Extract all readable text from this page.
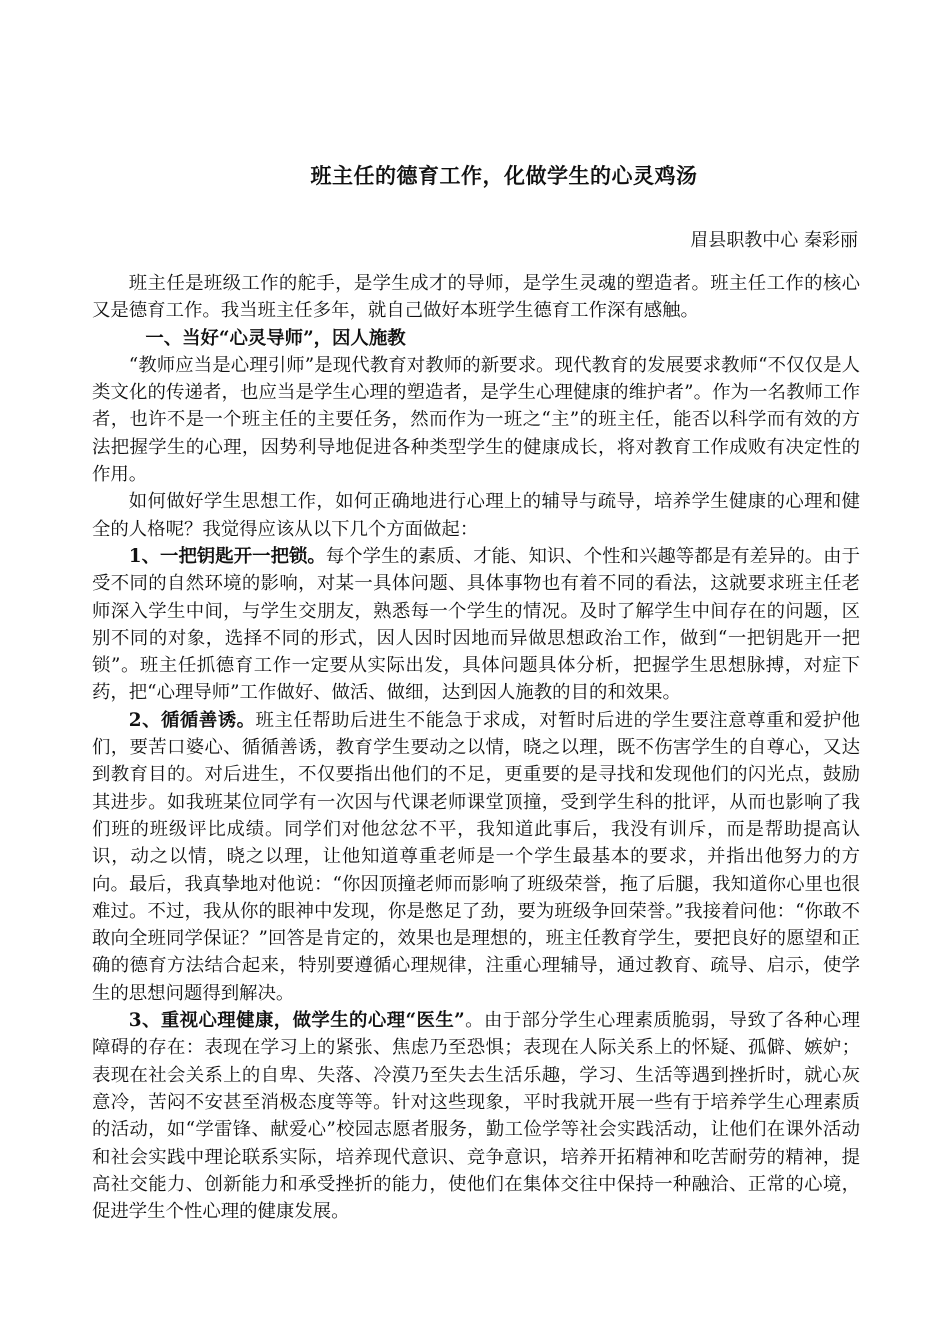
班主任的德育工作，化做学生的心灵鸡汤
眉县职教中心 秦彩丽

班主任是班级工作的舵手，是学生成才的导师，是学生灵魂的塑造者。班主任工作的核心又是德育工作。我当班主任多年，就自己做好本班学生德育工作深有感触。

一、当好“心灵导师”，因人施教

“教师应当是心理引师”是现代教育对教师的新要求。现代教育的发展要求教师“不仅仅是人类文化的传递者，也应当是学生心理的塑造者，是学生心理健康的维护者”。作为一名教师工作者，也许不是一个班主任的主要任务，然而作为一班之“主”的班主任，能否以科学而有效的方法把握学生的心理，因势利导地促进各种类型学生的健康成长，将对教育工作成败有决定性的作用。

如何做好学生思想工作，如何正确地进行心理上的辅导与疏导，培养学生健康的心理和健全的人格呢？我觉得应该从以下几个方面做起：

1、一把钥匙开一把锁。每个学生的素质、才能、知识、个性和兴趣等都是有差异的。由于受不同的自然环境的影响，对某一具体问题、具体事物也有着不同的看法，这就要求班主任老师深入学生中间，与学生交朋友，熟悉每一个学生的情况。及时了解学生中间存在的问题，区别不同的对象，选择不同的形式，因人因时因地而异做思想政治工作，做到“一把钥匙开一把锁”。班主任抓德育工作一定要从实际出发，具体问题具体分析，把握学生思想脉搏，对症下药，把“心理导师”工作做好、做活、做细，达到因人施教的目的和效果。

2、循循善诱。班主任帮助后进生不能急于求成，对暂时后进的学生要注意尊重和爱护他们，要苦口婆心、循循善诱，教育学生要动之以情，晓之以理，既不伤害学生的自尊心，又达到教育目的。对后进生，不仅要指出他们的不足，更重要的是寻找和发现他们的闪光点，鼓励其进步。如我班某位同学有一次因与代课老师课堂顶撞，受到学生科的批评，从而也影响了我们班的班级评比成绩。同学们对他忿忿不平，我知道此事后，我没有训斥，而是帮助提高认识，动之以情，晓之以理，让他知道尊重老师是一个学生最基本的要求，并指出他努力的方向。最后，我真挚地对他说：“你因顶撞老师而影响了班级荣誉，拖了后腿，我知道你心里也很难过。不过，我从你的眼神中发现，你是憋足了劲，要为班级争回荣誉。”我接着问他：“你敢不敢向全班同学保证？”回答是肯定的，效果也是理想的，班主任教育学生，要把良好的愿望和正确的德育方法结合起来，特别要遵循心理规律，注重心理辅导，通过教育、疏导、启示，使学生的思想问题得到解决。

3、重视心理健康，做学生的心理“医生”。由于部分学生心理素质脆弱，导致了各种心理障碍的存在：表现在学习上的紧张、焦虑乃至恐惧；表现在人际关系上的怀疑、孤僻、嫉妒；表现在社会关系上的自卑、失落、冷漠乃至失去生活乐趣，学习、生活等遇到挫折时，就心灰意冷，苦闷不安甚至消极态度等等。针对这些现象，平时我就开展一些有于培养学生心理素质的活动，如“学雷锋、献爱心”校园志愿者服务，勤工俭学等社会实践活动，让他们在课外活动和社会实践中理论联系实际，培养现代意识、竞争意识，培养开拓精神和吃苦耐劳的精神，提高社交能力、创新能力和承受挫折的能力，使他们在集体交往中保持一种融洽、正常的心境，促进学生个性心理的健康发展。
